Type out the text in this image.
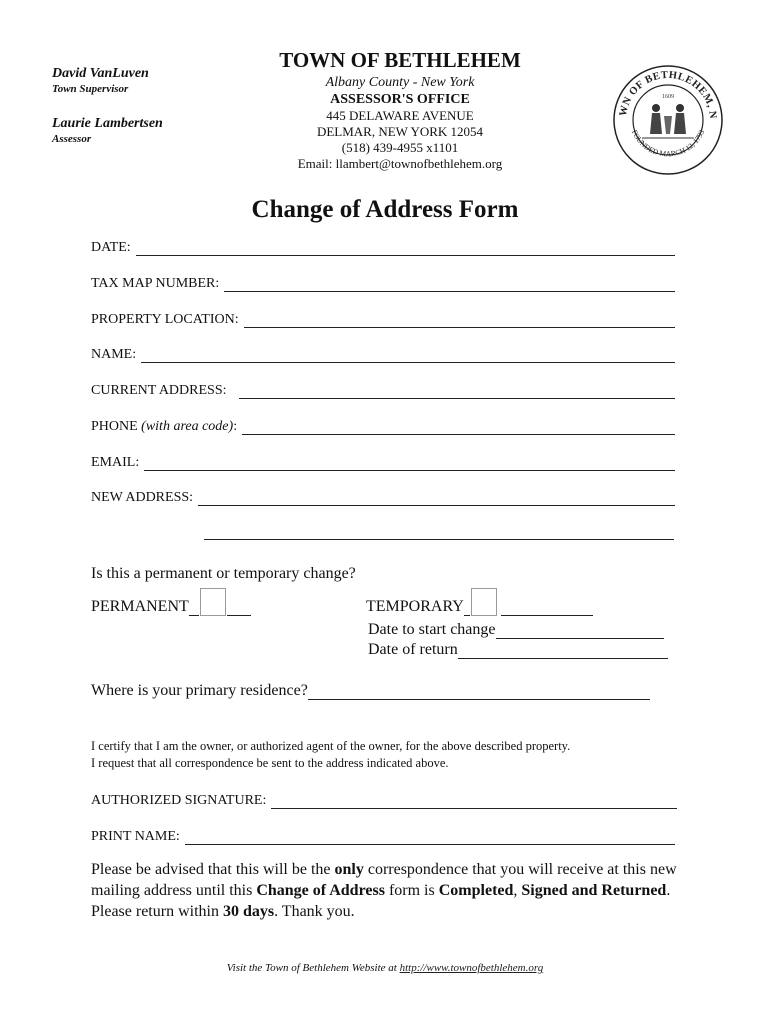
David VanLuven
Town Supervisor
Laurie Lambertsen
Assessor
TOWN OF BETHLEHEM
Albany County - New York
ASSESSOR'S OFFICE
445 DELAWARE AVENUE
DELMAR, NEW YORK 12054
(518) 439-4955 x1101
Email: llambert@townofbethlehem.org
WN OF BETHLEHEM, N
FOUNDED MARCH 12, 1793
1609
Change of Address Form
DATE:
TAX MAP NUMBER:
PROPERTY LOCATION:
NAME:
CURRENT ADDRESS:
PHONE (with area code):
EMAIL:
NEW ADDRESS:
Is this a permanent or temporary change?
PERMANENT	TEMPORARY
Date to start change
Date of return
Where is your primary residence?
I certify that I am the owner, or authorized agent of the owner, for the above described property.
I request that all correspondence be sent to the address indicated above.
AUTHORIZED SIGNATURE:
PRINT NAME:
Please be advised that this will be the only correspondence that you will receive at this new mailing address until this Change of Address form is Completed, Signed and Returned. Please return within 30 days. Thank you.
Visit the Town of Bethlehem Website at http://www.townofbethlehem.org
